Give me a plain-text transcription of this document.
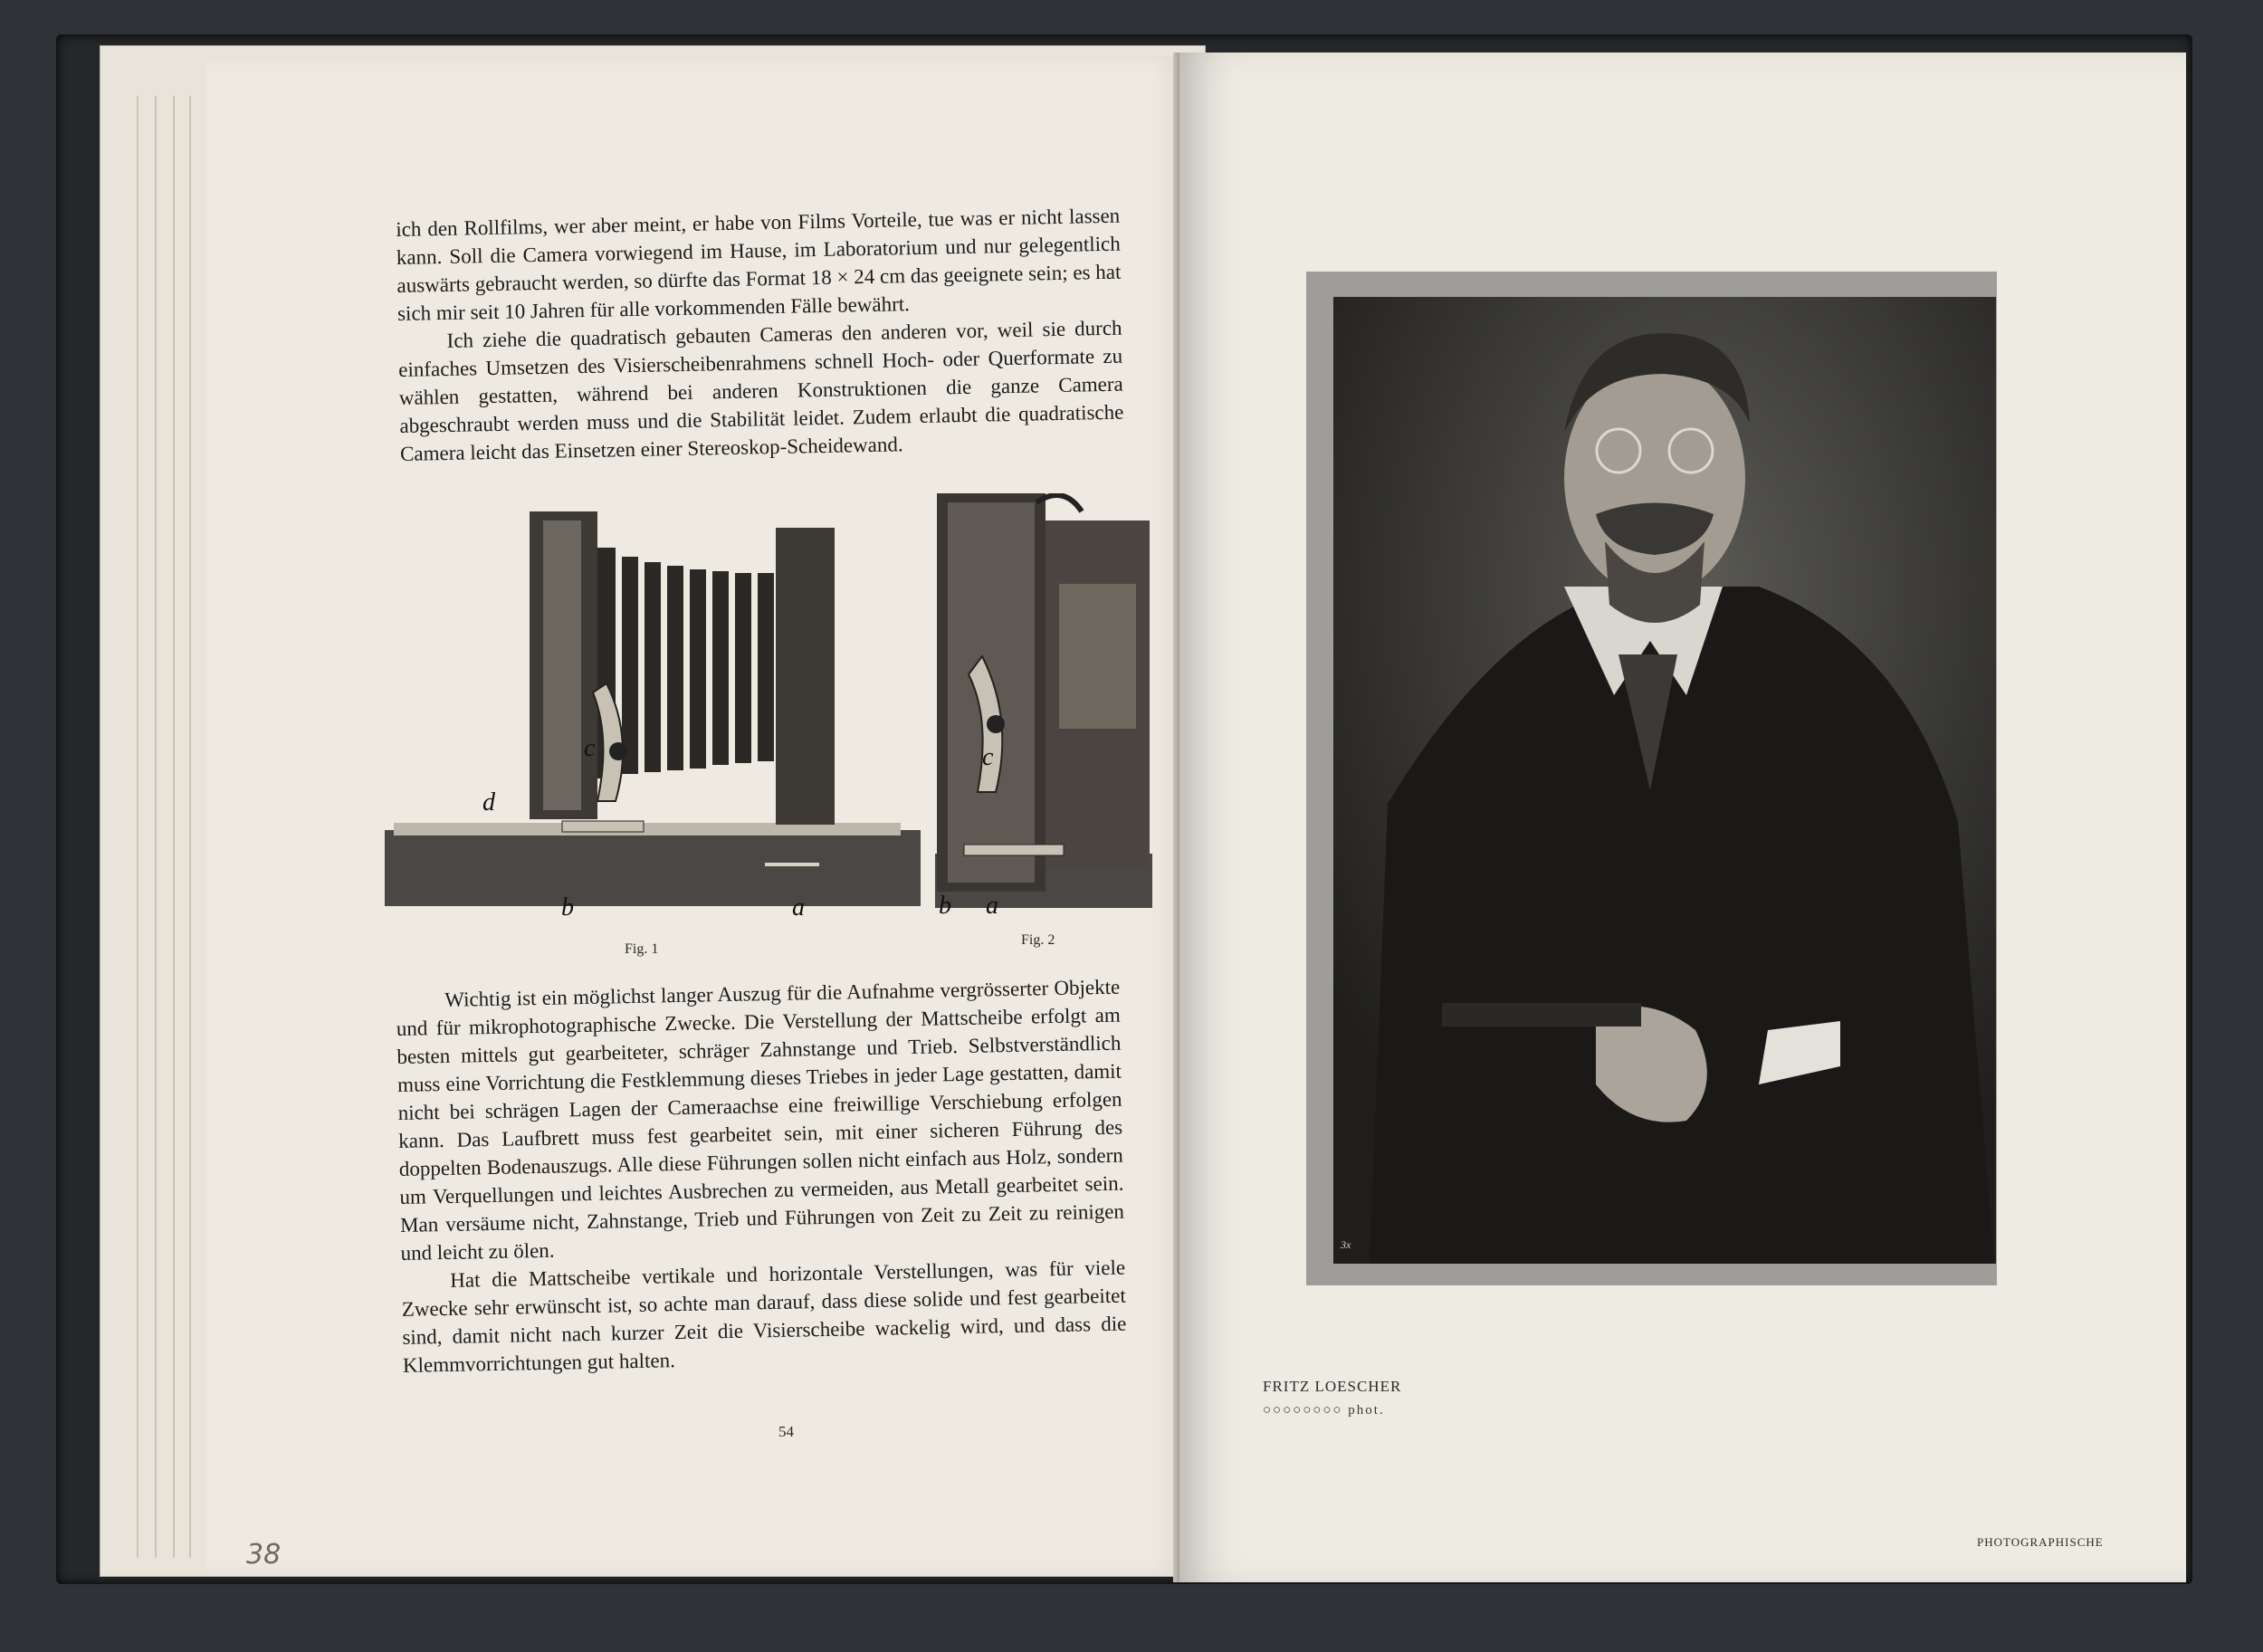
ich den Rollfilms, wer aber meint, er habe von Films Vorteile, tue was er nicht lassen kann. Soll die Camera vorwiegend im Hause, im Laboratorium und nur gelegentlich auswärts gebraucht werden, so dürfte das Format 18 × 24 cm das geeignete sein; es hat sich mir seit 10 Jahren für alle vorkommenden Fälle bewährt.

Ich ziehe die quadratisch gebauten Cameras den anderen vor, weil sie durch einfaches Umsetzen des Visierscheibenrahmens schnell Hoch- oder Querformate zu wählen gestatten, während bei anderen Konstruktionen die ganze Camera abgeschraubt werden muss und die Stabilität leidet. Zudem erlaubt die quadratische Camera leicht das Einsetzen einer Stereoskop-Scheidewand.

c
d
b	a
c
b a
Fig. 1
Fig. 2

Wichtig ist ein möglichst langer Auszug für die Aufnahme vergrösserter Objekte und für mikrophotographische Zwecke. Die Verstellung der Mattscheibe erfolgt am besten mittels gut gearbeiteter, schräger Zahnstange und Trieb. Selbstverständlich muss eine Vorrichtung die Festklemmung dieses Triebes in jeder Lage gestatten, damit nicht bei schrägen Lagen der Cameraachse eine freiwillige Verschiebung erfolgen kann. Das Laufbrett muss fest gearbeitet sein, mit einer sicheren Führung des doppelten Bodenauszugs. Alle diese Führungen sollen nicht einfach aus Holz, sondern um Verquellungen und leichtes Ausbrechen zu vermeiden, aus Metall gearbeitet sein. Man versäume nicht, Zahnstange, Trieb und Führungen von Zeit zu Zeit zu reinigen und leicht zu ölen.

Hat die Mattscheibe vertikale und horizontale Verstellungen, was für viele Zwecke sehr erwünscht ist, so achte man darauf, dass diese solide und fest gearbeitet sind, damit nicht nach kurzer Zeit die Visierscheibe wackelig wird, und dass die Klemmvorrichtungen gut halten.

54
38
3x
FRITZ LOESCHER
○○○○○○○○ phot.
PHOTOGRAPHISCHE
